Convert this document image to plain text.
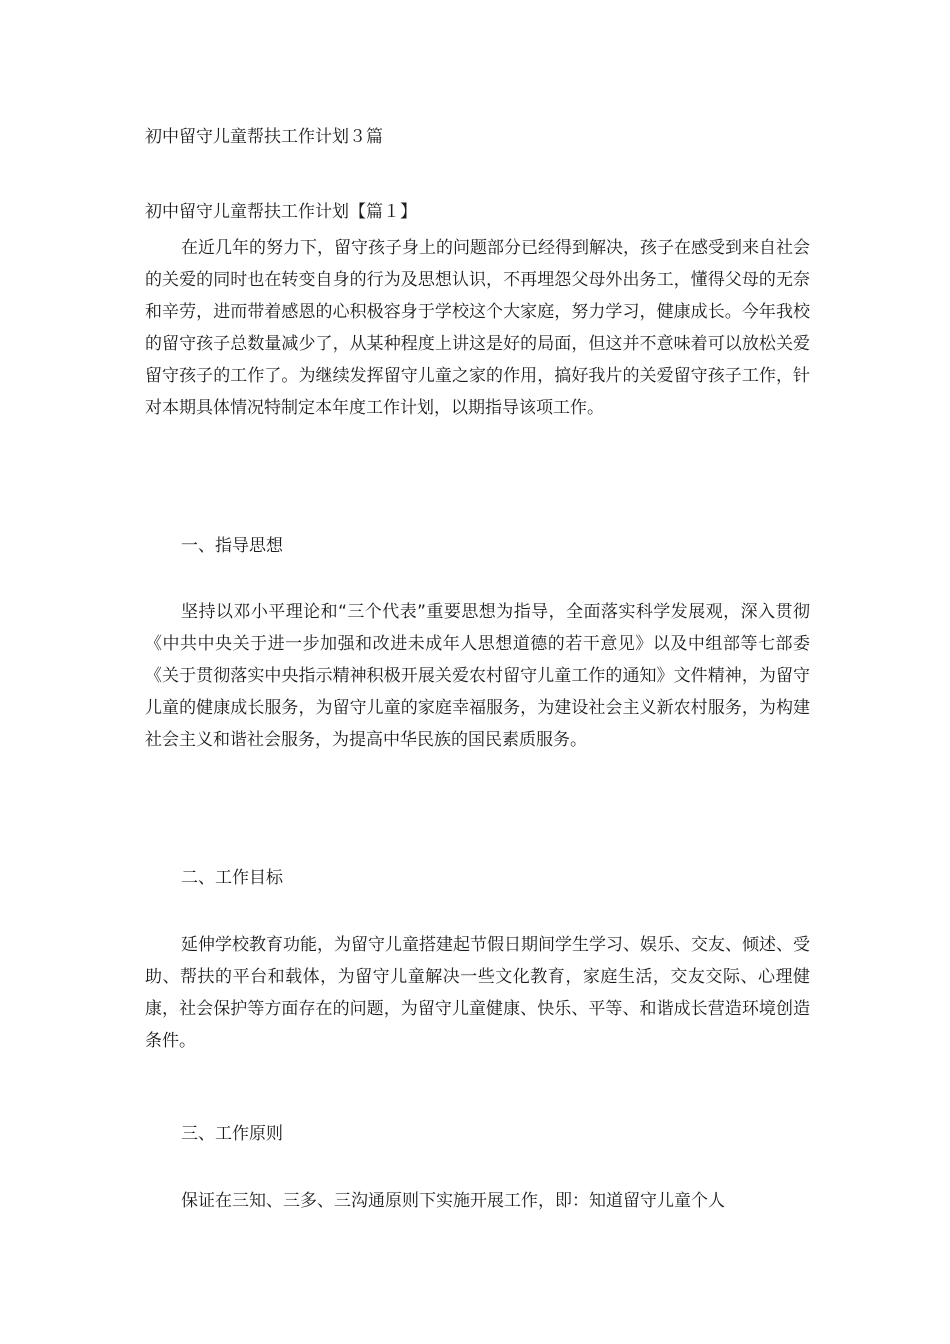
初中留守儿童帮扶工作计划３篇
初中留守儿童帮扶工作计划【篇１】

在近几年的努力下，留守孩子身上的问题部分已经得到解决，孩子在感受到来自社会的关爱的同时也在转变自身的行为及思想认识，不再埋怨父母外出务工，懂得父母的无奈和辛劳，进而带着感恩的心积极容身于学校这个大家庭，努力学习，健康成长。今年我校的留守孩子总数量减少了，从某种程度上讲这是好的局面，但这并不意味着可以放松关爱留守孩子的工作了。为继续发挥留守儿童之家的作用，搞好我片的关爱留守孩子工作，针对本期具体情况特制定本年度工作计划，以期指导该项工作。

一、指导思想

坚持以邓小平理论和“三个代表”重要思想为指导，全面落实科学发展观，深入贯彻《中共中央关于进一步加强和改进未成年人思想道德的若干意见》以及中组部等七部委《关于贯彻落实中央指示精神积极开展关爱农村留守儿童工作的通知》文件精神，为留守儿童的健康成长服务，为留守儿童的家庭幸福服务，为建设社会主义新农村服务，为构建社会主义和谐社会服务，为提高中华民族的国民素质服务。

二、工作目标

延伸学校教育功能，为留守儿童搭建起节假日期间学生学习、娱乐、交友、倾述、受助、帮扶的平台和载体，为留守儿童解决一些文化教育，家庭生活，交友交际、心理健康，社会保护等方面存在的问题，为留守儿童健康、快乐、平等、和谐成长营造环境创造条件。

三、工作原则

保证在三知、三多、三沟通原则下实施开展工作，即：知道留守儿童个人
